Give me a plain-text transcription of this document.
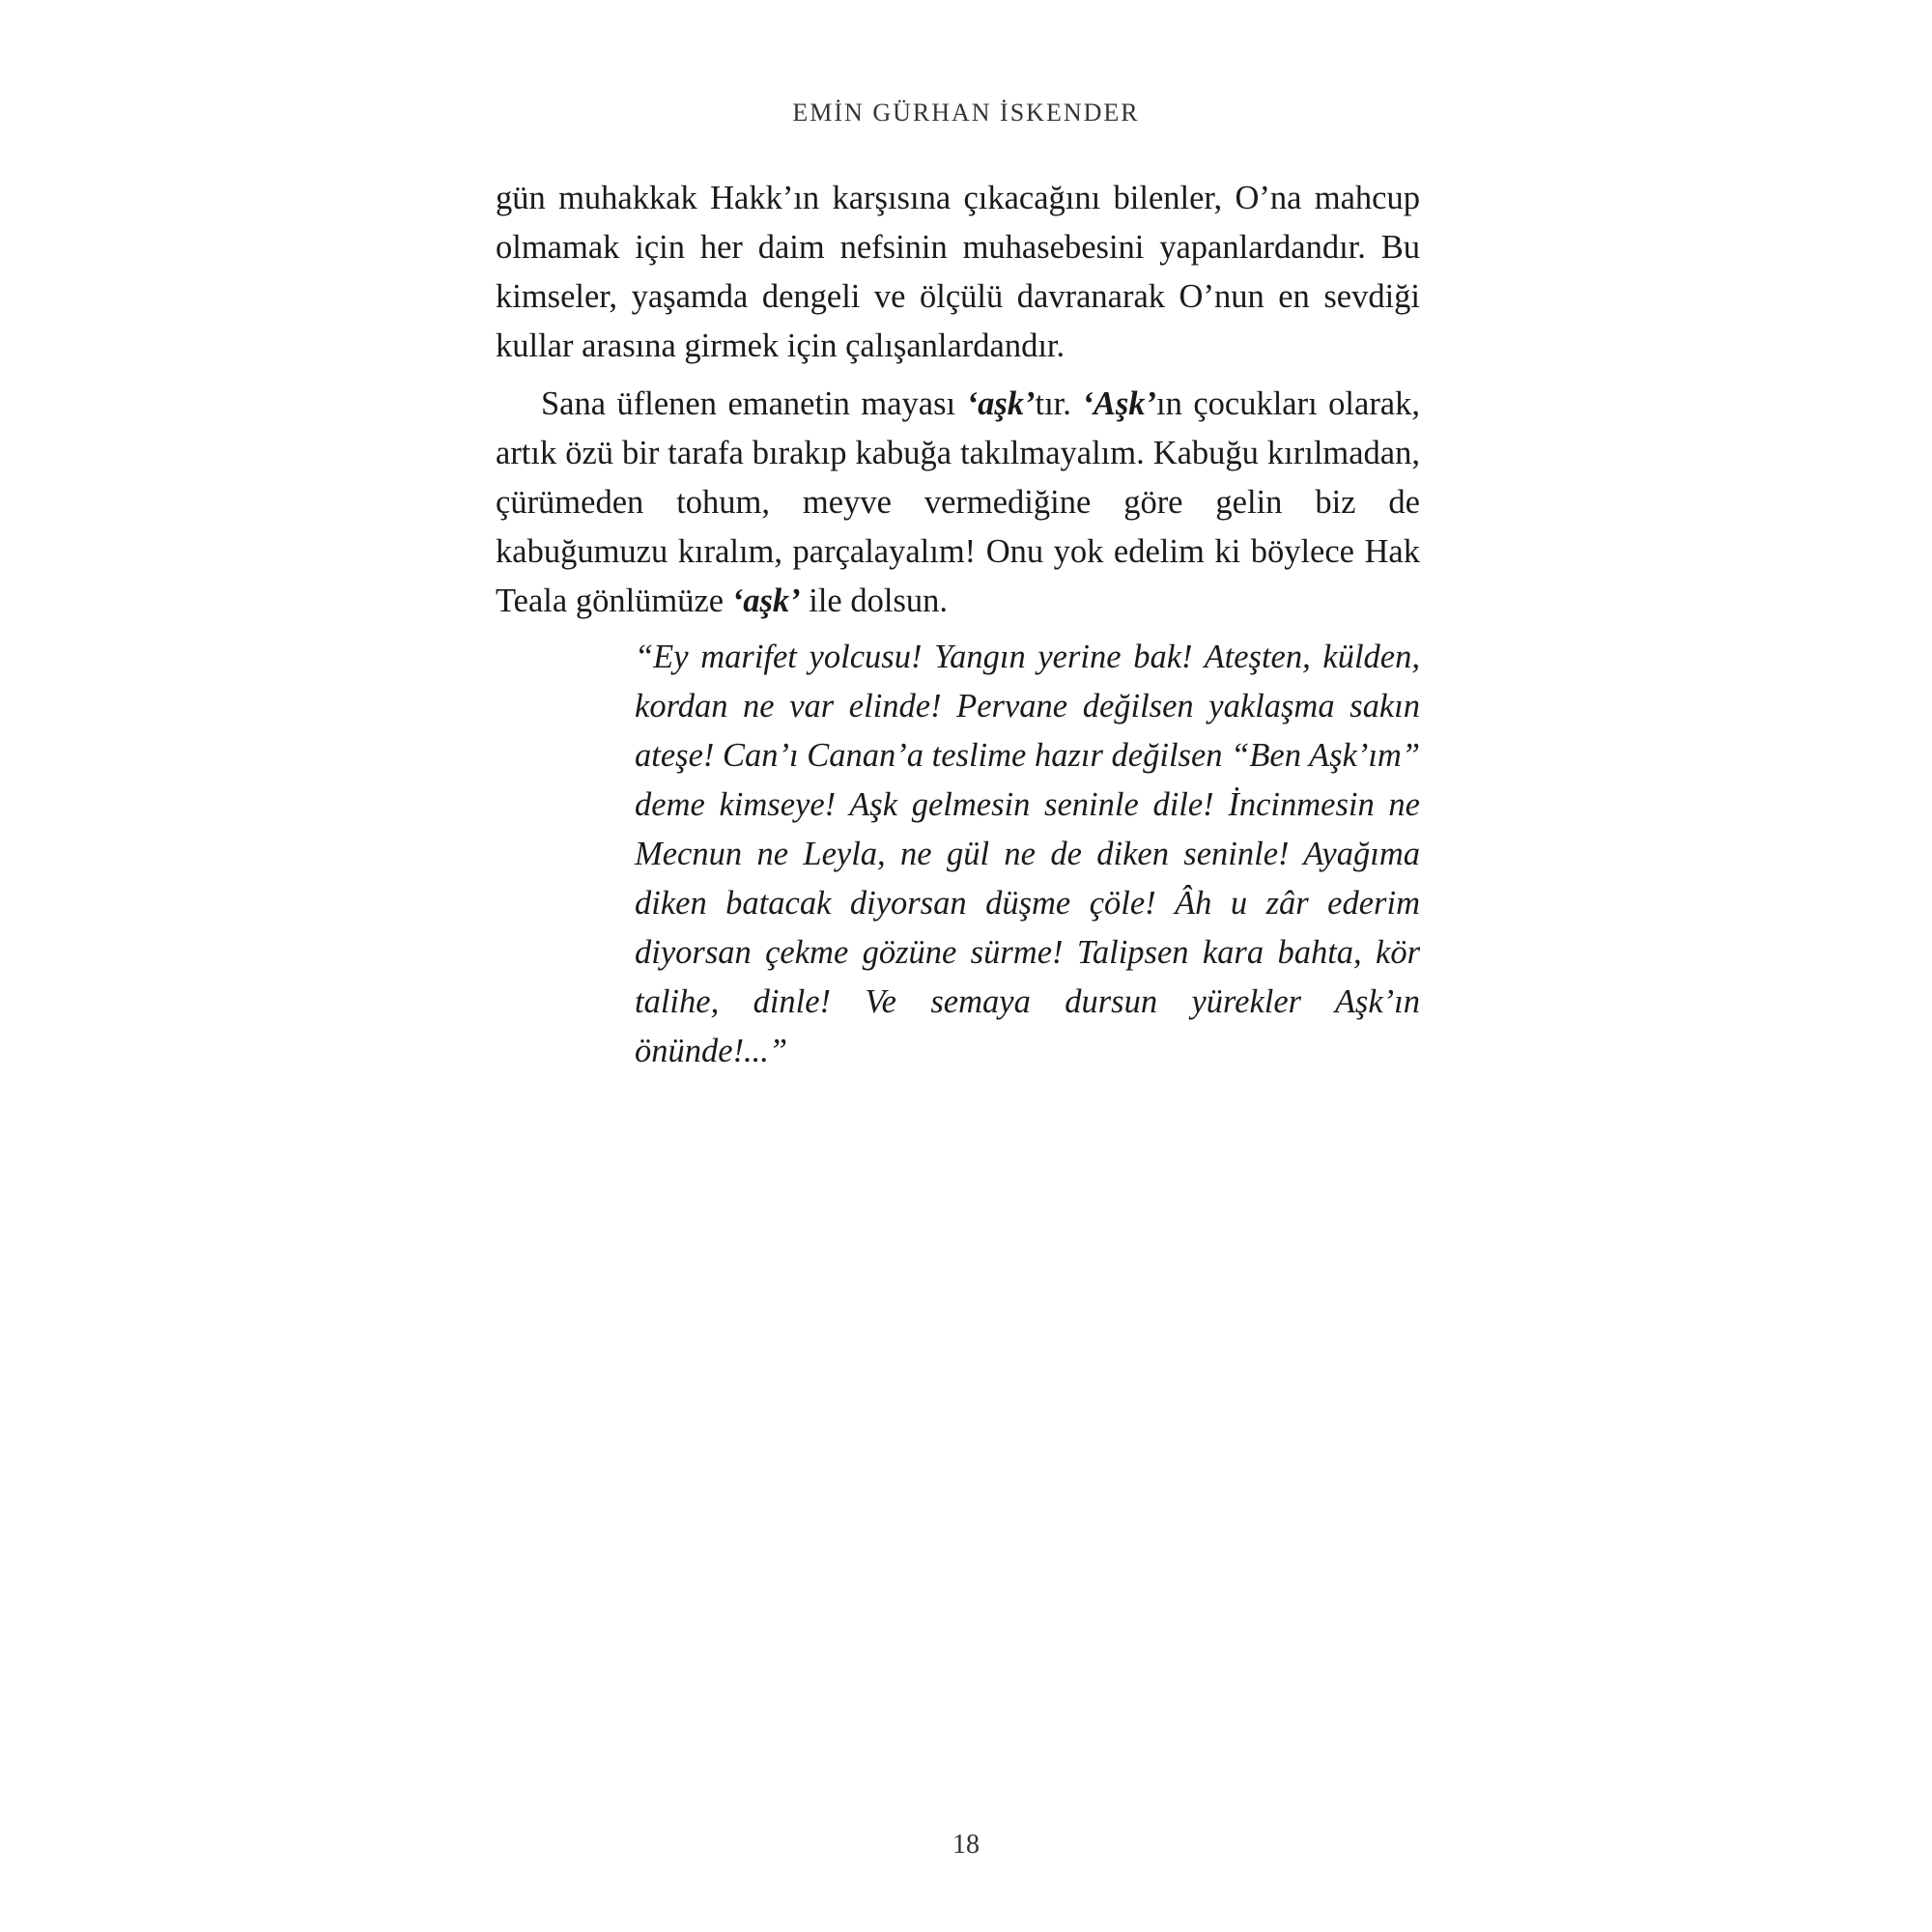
EMİN GÜRHAN İSKENDER

gün muhakkak Hakk’ın karşısına çıkacağını bilenler, O’na mahcup olmamak için her daim nefsinin muhasebesini yapanlardandır. Bu kimseler, yaşamda dengeli ve ölçülü davranarak O’nun en sevdiği kullar arasına girmek için çalışanlardandır.

Sana üflenen emanetin mayası ‘aşk’tır. ‘Aşk’ın çocukları olarak, artık özü bir tarafa bırakıp kabuğa takılmayalım. Kabuğu kırılmadan, çürümeden tohum, meyve vermediğine göre gelin biz de kabuğumuzu kıralım, parçalayalım! Onu yok edelim ki böylece Hak Teala gönlümüze ‘aşk’ ile dolsun.

“Ey marifet yolcusu! Yangın yerine bak! Ateşten, külden, kordan ne var elinde! Pervane değilsen yaklaşma sakın ateşe! Can’ı Canan’a teslime hazır değilsen “Ben Aşk’ım” deme kimseye! Aşk gelmesin seninle dile! İncinmesin ne Mecnun ne Leyla, ne gül ne de diken seninle! Ayağıma diken batacak diyorsan düşme çöle! Âh u zâr ederim diyorsan çekme gözüne sürme! Talipsen kara bahta, kör talihe, dinle! Ve semaya dursun yürekler Aşk’ın önünde!...”

18
